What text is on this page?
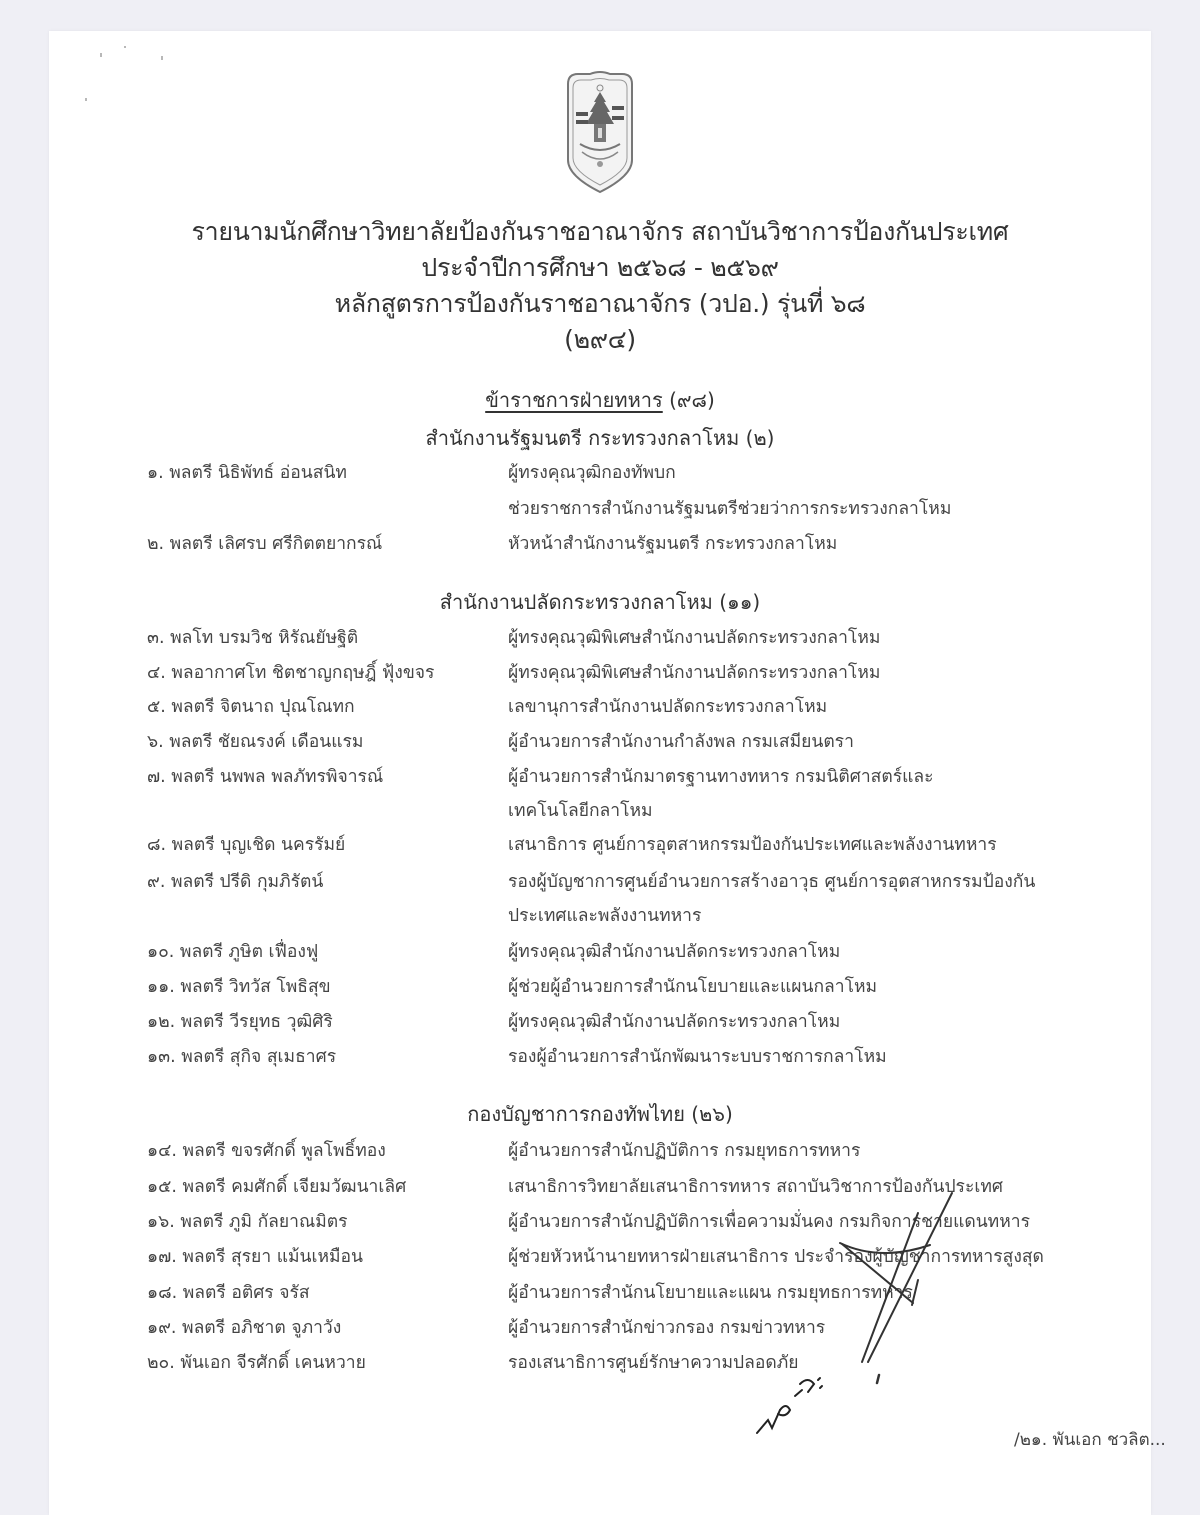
รายนามนักศึกษาวิทยาลัยป้องกันราชอาณาจักร สถาบันวิชาการป้องกันประเทศ
ประจำปีการศึกษา ๒๕๖๘ - ๒๕๖๙
หลักสูตรการป้องกันราชอาณาจักร (วปอ.) รุ่นที่ ๖๘
(๒๙๔)
ข้าราชการฝ่ายทหาร (๙๘)
สำนักงานรัฐมนตรี กระทรวงกลาโหม (๒)
๑. พลตรี นิธิพัทธ์ อ่อนสนิท	ผู้ทรงคุณวุฒิกองทัพบก
ช่วยราชการสำนักงานรัฐมนตรีช่วยว่าการกระทรวงกลาโหม
๒. พลตรี เลิศรบ ศรีกิตตยากรณ์	หัวหน้าสำนักงานรัฐมนตรี กระทรวงกลาโหม
สำนักงานปลัดกระทรวงกลาโหม (๑๑)
๓. พลโท บรมวิช หิรัณยัษฐิติ	ผู้ทรงคุณวุฒิพิเศษสำนักงานปลัดกระทรวงกลาโหม
๔. พลอากาศโท ชิตชาญกฤษฎิ์ ฟุ้งขจร	ผู้ทรงคุณวุฒิพิเศษสำนักงานปลัดกระทรวงกลาโหม
๕. พลตรี จิตนาถ ปุณโณทก	เลขานุการสำนักงานปลัดกระทรวงกลาโหม
๖. พลตรี ชัยณรงค์ เดือนแรม	ผู้อำนวยการสำนักงานกำลังพล กรมเสมียนตรา
๗. พลตรี นพพล พลภัทรพิจารณ์	ผู้อำนวยการสำนักมาตรฐานทางทหาร กรมนิติศาสตร์และ
เทคโนโลยีกลาโหม
๘. พลตรี บุญเชิด นครรัมย์	เสนาธิการ ศูนย์การอุตสาหกรรมป้องกันประเทศและพลังงานทหาร
๙. พลตรี ปรีดิ กุมภิรัตน์	รองผู้บัญชาการศูนย์อำนวยการสร้างอาวุธ ศูนย์การอุตสาหกรรมป้องกัน
ประเทศและพลังงานทหาร
๑๐. พลตรี ภูษิต เฟื่องฟู	ผู้ทรงคุณวุฒิสำนักงานปลัดกระทรวงกลาโหม
๑๑. พลตรี วิทวัส โพธิสุข	ผู้ช่วยผู้อำนวยการสำนักนโยบายและแผนกลาโหม
๑๒. พลตรี วีรยุทธ วุฒิศิริ	ผู้ทรงคุณวุฒิสำนักงานปลัดกระทรวงกลาโหม
๑๓. พลตรี สุกิจ สุเมธาศร	รองผู้อำนวยการสำนักพัฒนาระบบราชการกลาโหม
กองบัญชาการกองทัพไทย (๒๖)
๑๔. พลตรี ขจรศักดิ์ พูลโพธิ์ทอง	ผู้อำนวยการสำนักปฏิบัติการ กรมยุทธการทหาร
๑๕. พลตรี คมศักดิ์ เจียมวัฒนาเลิศ	เสนาธิการวิทยาลัยเสนาธิการทหาร สถาบันวิชาการป้องกันประเทศ
๑๖. พลตรี ภูมิ กัลยาณมิตร	ผู้อำนวยการสำนักปฏิบัติการเพื่อความมั่นคง กรมกิจการชายแดนทหาร
๑๗. พลตรี สุรยา แม้นเหมือน	ผู้ช่วยหัวหน้านายทหารฝ่ายเสนาธิการ ประจำรองผู้บัญชาการทหารสูงสุด
๑๘. พลตรี อติศร จรัส	ผู้อำนวยการสำนักนโยบายและแผน กรมยุทธการทหาร
๑๙. พลตรี อภิชาต จูภาวัง	ผู้อำนวยการสำนักข่าวกรอง กรมข่าวทหาร
๒๐. พันเอก จีรศักดิ์ เคนหวาย	รองเสนาธิการศูนย์รักษาความปลอดภัย
/๒๑. พันเอก ชวลิต...
